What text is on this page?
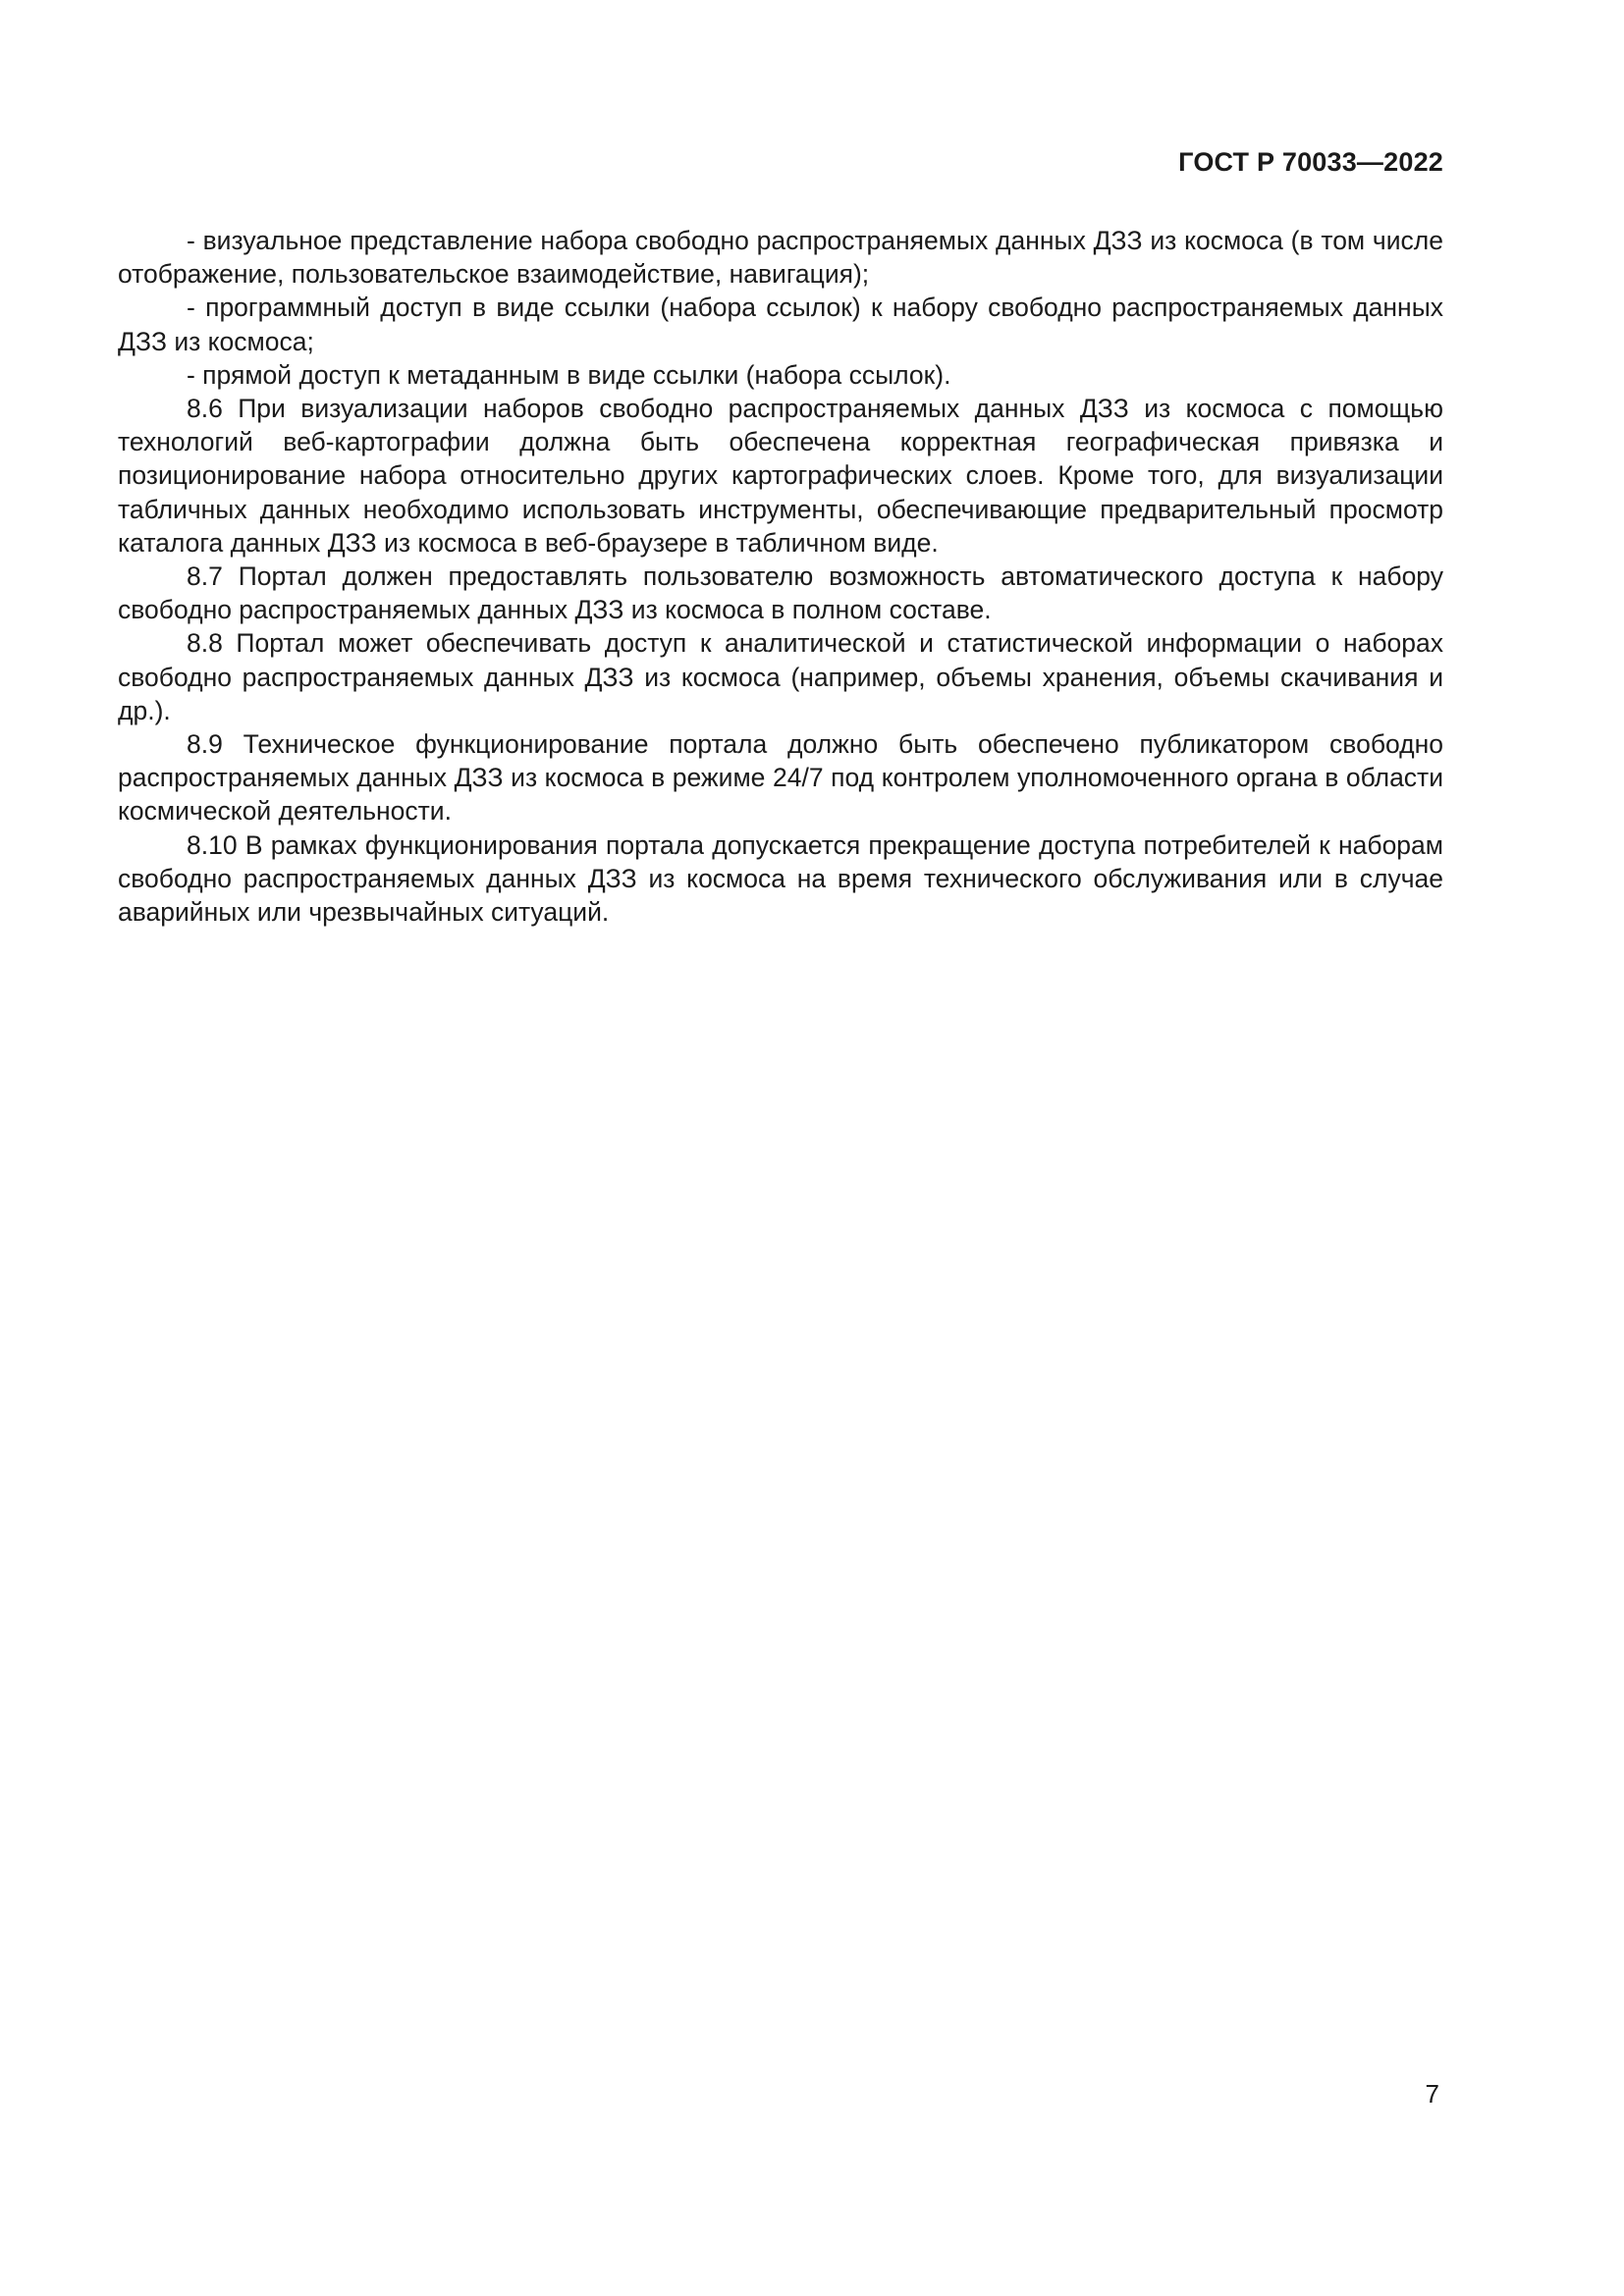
ГОСТ Р 70033—2022

- визуальное представление набора свободно распространяемых данных ДЗЗ из космоса (в том числе отображение, пользовательское взаимодействие, навигация);

- программный доступ в виде ссылки (набора ссылок) к набору свободно распространяемых данных ДЗЗ из космоса;

- прямой доступ к метаданным в виде ссылки (набора ссылок).

8.6 При визуализации наборов свободно распространяемых данных ДЗЗ из космоса с помощью технологий веб-картографии должна быть обеспечена корректная географическая привязка и позиционирование набора относительно других картографических слоев. Кроме того, для визуализации табличных данных необходимо использовать инструменты, обеспечивающие предварительный просмотр каталога данных ДЗЗ из космоса в веб-браузере в табличном виде.

8.7 Портал должен предоставлять пользователю возможность автоматического доступа к набору свободно распространяемых данных ДЗЗ из космоса в полном составе.

8.8 Портал может обеспечивать доступ к аналитической и статистической информации о наборах свободно распространяемых данных ДЗЗ из космоса (например, объемы хранения, объемы скачивания и др.).

8.9 Техническое функционирование портала должно быть обеспечено публикатором свободно распространяемых данных ДЗЗ из космоса в режиме 24/7 под контролем уполномоченного органа в области космической деятельности.

8.10 В рамках функционирования портала допускается прекращение доступа потребителей к наборам свободно распространяемых данных ДЗЗ из космоса на время технического обслуживания или в случае аварийных или чрезвычайных ситуаций.

7
